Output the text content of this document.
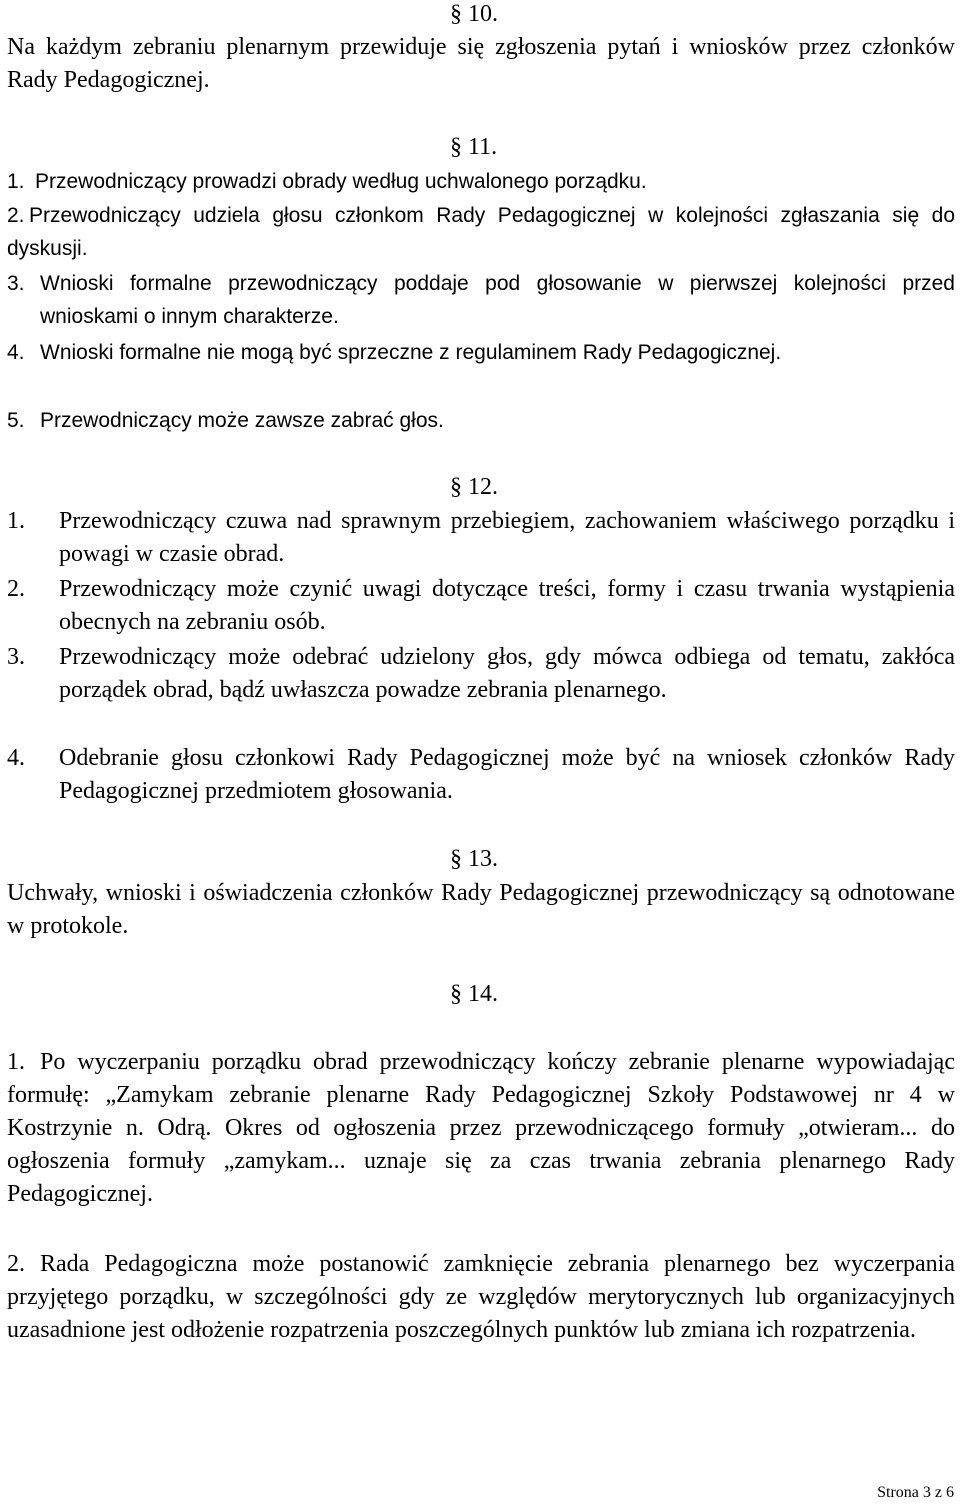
§ 10.
Na każdym zebraniu plenarnym przewiduje się zgłoszenia pytań i wniosków przez członków Rady Pedagogicznej.
§ 11.
1. Przewodniczący prowadzi obrady według uchwalonego porządku.
2. Przewodniczący udziela głosu członkom Rady Pedagogicznej w kolejności zgłaszania się do dyskusji.
3. Wnioski formalne przewodniczący poddaje pod głosowanie w pierwszej kolejności przed wnioskami o innym charakterze.
4. Wnioski formalne nie mogą być sprzeczne z regulaminem Rady Pedagogicznej.
5. Przewodniczący może zawsze zabrać głos.
§ 12.
1. Przewodniczący czuwa nad sprawnym przebiegiem, zachowaniem właściwego porządku i powagi w czasie obrad.
2. Przewodniczący może czynić uwagi dotyczące treści, formy i czasu trwania wystąpienia obecnych na zebraniu osób.
3. Przewodniczący może odebrać udzielony głos, gdy mówca odbiega od tematu, zakłóca porządek obrad, bądź uwłaszcza powadze zebrania plenarnego.
4. Odebranie głosu członkowi Rady Pedagogicznej może być na wniosek członków Rady Pedagogicznej przedmiotem głosowania.
§ 13.
Uchwały, wnioski i oświadczenia członków Rady Pedagogicznej przewodniczący są odnotowane w protokole.
§ 14.
1. Po wyczerpaniu porządku obrad przewodniczący kończy zebranie plenarne wypowiadając formułę: „Zamykam zebranie plenarne Rady Pedagogicznej Szkoły Podstawowej nr 4 w Kostrzynie n. Odrą. Okres od ogłoszenia przez przewodniczącego formuły „otwieram... do ogłoszenia formuły „zamykam... uznaje się za czas trwania zebrania plenarnego Rady Pedagogicznej.
2. Rada Pedagogiczna może postanowić zamknięcie zebrania plenarnego bez wyczerpania przyjętego porządku, w szczególności gdy ze względów merytorycznych lub organizacyjnych uzasadnione jest odłożenie rozpatrzenia poszczególnych punktów lub zmiana ich rozpatrzenia.
Strona 3 z 6
